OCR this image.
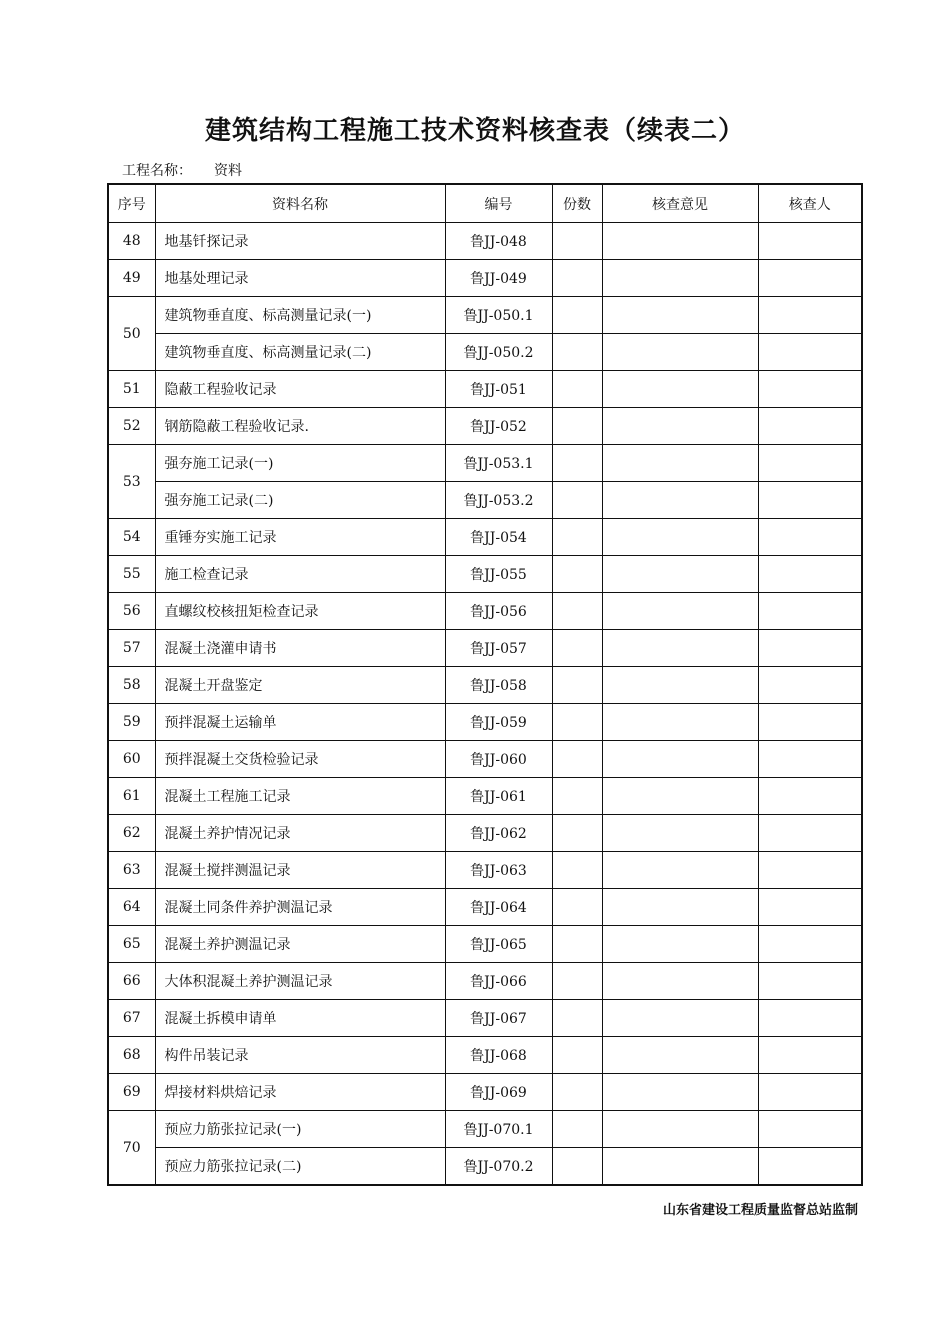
建筑结构工程施工技术资料核查表（续表二）
工程名称： 资料
序号	资料名称	编号	份数	核查意见	核查人
48	地基钎探记录	鲁JJ-048			
49	地基处理记录	鲁JJ-049			
50	建筑物垂直度、标高测量记录(一)	鲁JJ-050.1			
	建筑物垂直度、标高测量记录(二)	鲁JJ-050.2			
51	隐蔽工程验收记录	鲁JJ-051			
52	钢筋隐蔽工程验收记录.	鲁JJ-052			
53	强夯施工记录(一)	鲁JJ-053.1			
	强夯施工记录(二)	鲁JJ-053.2			
54	重锤夯实施工记录	鲁JJ-054			
55	施工检查记录	鲁JJ-055			
56	直螺纹校核扭矩检查记录	鲁JJ-056			
57	混凝土浇灌申请书	鲁JJ-057			
58	混凝土开盘鉴定	鲁JJ-058			
59	预拌混凝土运输单	鲁JJ-059			
60	预拌混凝土交货检验记录	鲁JJ-060			
61	混凝土工程施工记录	鲁JJ-061			
62	混凝土养护情况记录	鲁JJ-062			
63	混凝土搅拌测温记录	鲁JJ-063			
64	混凝土同条件养护测温记录	鲁JJ-064			
65	混凝土养护测温记录	鲁JJ-065			
66	大体积混凝土养护测温记录	鲁JJ-066			
67	混凝土拆模申请单	鲁JJ-067			
68	构件吊装记录	鲁JJ-068			
69	焊接材料烘焙记录	鲁JJ-069			
70	预应力筋张拉记录(一)	鲁JJ-070.1			
	预应力筋张拉记录(二)	鲁JJ-070.2			
山东省建设工程质量监督总站监制
